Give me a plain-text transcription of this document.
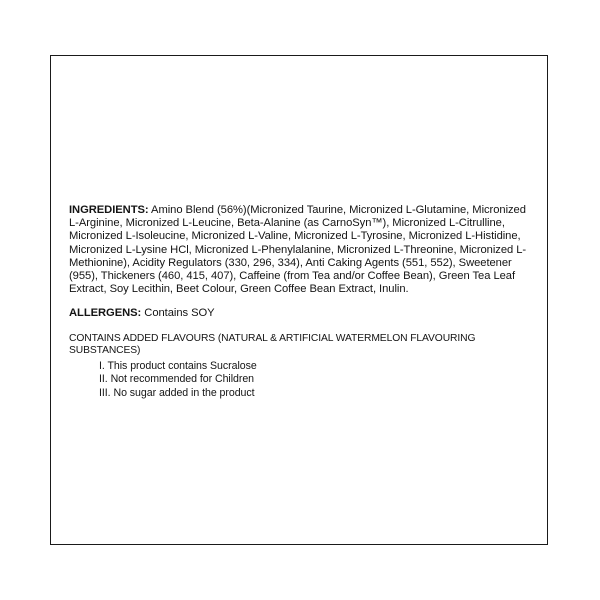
INGREDIENTS: Amino Blend (56%)(Micronized Taurine, Micronized L-Glutamine, Micronized L-Arginine, Micronized L-Leucine, Beta-Alanine (as CarnoSyn™), Micronized L-Citrulline, Micronized L-Isoleucine, Micronized L-Valine, Micronized L-Tyrosine, Micronized L-Histidine, Micronized L-Lysine HCl, Micronized L-Phenylalanine, Micronized L-Threonine, Micronized L-Methionine), Acidity Regulators (330, 296, 334), Anti Caking Agents (551, 552), Sweetener (955), Thickeners (460, 415, 407), Caffeine (from Tea and/or Coffee Bean), Green Tea Leaf Extract, Soy Lecithin, Beet Colour, Green Coffee Bean Extract, Inulin.

ALLERGENS: Contains SOY

CONTAINS ADDED FLAVOURS (NATURAL & ARTIFICIAL WATERMELON FLAVOURING SUBSTANCES)

I. This product contains Sucralose
II. Not recommended for Children
III. No sugar added in the product
